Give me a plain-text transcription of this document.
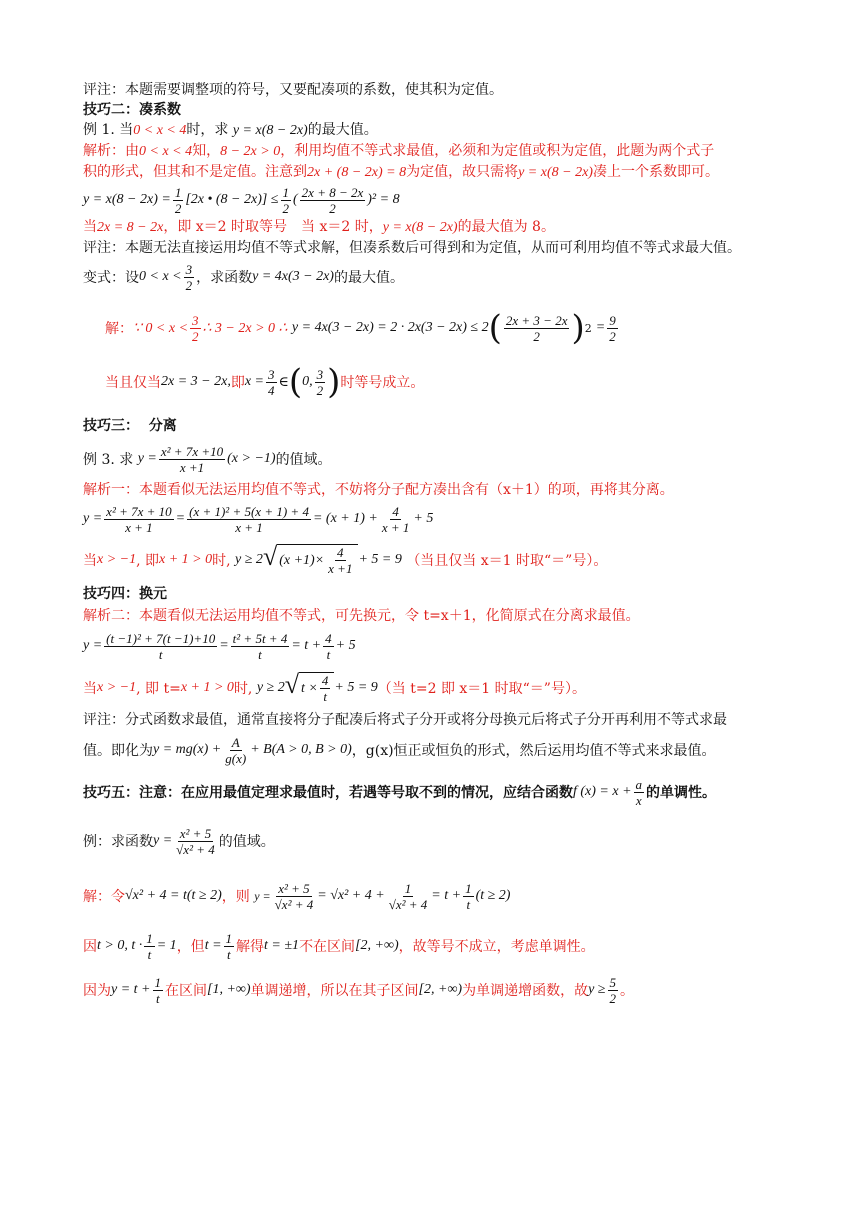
评注：本题需要调整项的符号，又要配凑项的系数，使其积为定值。
技巧二：凑系数
例 1. 当0 < x < 4时，求 y = x(8 − 2x)的最大值。
解析：由0 < x < 4知，8 − 2x > 0，利用均值不等式求最值，必须和为定值或积为定值，此题为两个式子
积的形式，但其和不是定值。注意到2x + (8 − 2x) = 8为定值，故只需将y = x(8 − 2x)凑上一个系数即可。
$y = x(8 - 2x) = \frac{1}{2} [2x$ • $(8 - 2x)] \le \frac{1}{2}$ ( $\frac{2x + 8 - 2x}{2} )^2 = 8$
当2x = 8 − 2x，即 x＝2 时取等号　当 x＝2 时，y = x(8 − 2x)的最大值为 8。
评注：本题无法直接运用均值不等式求解，但凑系数后可得到和为定值，从而可利用均值不等式求最大值。
变式：设 $0 < x < \frac{3}{2}$ ，求函数 y = 4x(3 − 2x) 的最大值。
解： ∵ $0 < x < \frac{3}{2}$ ∴ 3 − 2x > 0 ∴
y = 4x(3 − 2x) = 2 · 2x(3 − 2x) ≤ 2 ( $\frac{2x + 3 - 2x}{2}$ ) $2 = \frac{9}{2}$
当且仅当 2x = 3 − 2x, 即 $x = \frac{3}{4}$ ∈ ( 0, $\frac{3}{2}$ ) 时等号成立。
技巧三： 分离
例 3. 求
$y = \frac{\text{x² + 7x +10}}{x +1} (x > -1)$ 的值域。
解析一：本题看似无法运用均值不等式，不妨将分子配方凑出含有（x＋1）的项，再将其分离。
$y = \frac{\text{x² + 7x + 10}}{x + 1} = \frac{\text{(x + 1)² + 5(x + 1) + 4}}{x + 1} = (x + 1) + \frac{4}{x + 1} + 5$
当 x > −1 , 即 x + 1 > 0 时,
y ≥ 2 √ $(x +1)\times \frac{4}{x +1} + 5 = 9$
（当且仅当 x＝1 时取“＝”号）。
技巧四：换元
解析二：本题看似无法运用均值不等式，可先换元，令 t=x＋1，化简原式在分离求最值。
$y = \frac{\text{(t −1)² + 7(t −1)+10}}{t} = \frac{\text{t² + 5t + 4}}{t} = t + \frac{4}{t} + 5$
当 x > −1 , 即 t= x + 1 > 0 时,
y ≥ 2 √ $t \times \frac{4}{t} + 5 = 9$ （当 t=2 即 x＝1 时取“＝”号）。
评注：分式函数求最值，通常直接将分子配凑后将式子分开或将分母换元后将式子分开再利用不等式求最
值。即化为 $y = mg(x) + \frac{A}{g(x)} + B(A > 0$, B > 0) ，g(x)恒正或恒负的形式，然后运用均值不等式来求最值。
技巧五：注意：在应用最值定理求最值时，若遇等号取不到的情况，应结合函数 f $(x) = x + \frac{a}{x}$ 的单调性。
例：求函数 $y = \frac{\text{x² + 5}}{\text{√x² + 4}}$ 的值域。
解：令 √x² + 4 = t(t ≥ 2) ，则
$y = \frac{\text{x² + 5}}{\text{√x² + 4}} = √x^2 + 4 + \frac{1}{\text{√x² + 4}} = t + \frac{1}{t} (t \ge 2)$
因 t > 0, $t \cdot \frac{1}{t} = 1$ ，但 $t = \frac{1}{t}$ 解得 t = ±1 不在区间 [2, +∞) ，故等号不成立，考虑单调性。
因为 $y = t + \frac{1}{t}$ 在区间 [1, +∞) 单调递增，所以在其子区间 [2, +∞) 为单调递增函数，故 $y \ge \frac{5}{2}$ 。
